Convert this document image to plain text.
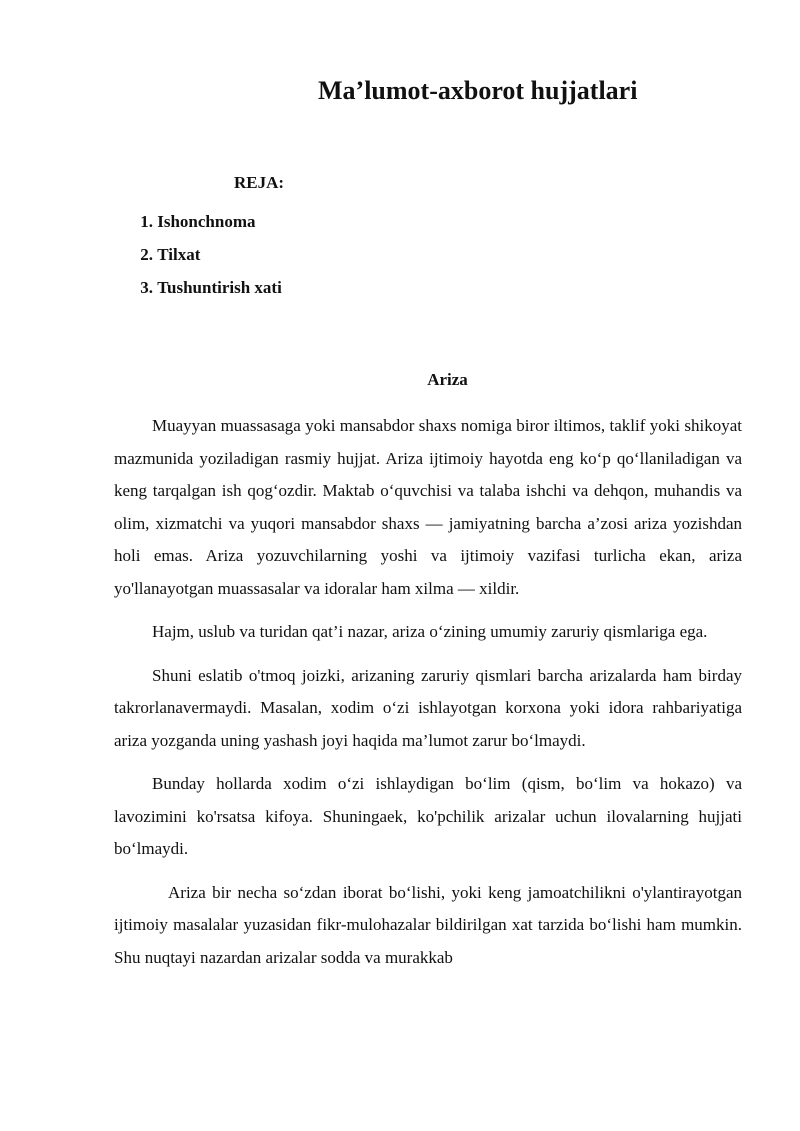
Ma’lumot-axborot hujjatlari
REJA:
1. Ishonchnoma
2. Tilxat
3. Tushuntirish xati
Ariza

Muayyan muassasaga yoki mansabdor shaxs nomiga biror iltimos, taklif yoki shikoyat mazmunida yoziladigan rasmiy hujjat. Ariza ijtimoiy hayotda eng ko‘p qo‘llaniladigan va keng tarqalgan ish qog‘ozdir. Maktab o‘quvchisi va talaba ishchi va dehqon, muhandis va olim, xizmatchi va yuqori mansabdor shaxs — jamiyatning barcha a’zosi ariza yozishdan holi emas. Ariza yozuvchilarning yoshi va ijtimoiy vazifasi turlicha ekan, ariza yo'llanayotgan muassasalar va idoralar ham xilma — xildir.

Hajm, uslub va turidan qat’i nazar, ariza o‘zining umumiy zaruriy qismlariga ega.

Shuni eslatib o'tmoq joizki, arizaning zaruriy qismlari barcha arizalarda ham birday takrorlanavermaydi. Masalan, xodim o‘zi ishlayotgan korxona yoki idora rahbariyatiga ariza yozganda uning yashash joyi haqida ma’lumot zarur bo‘lmaydi.

Bunday hollarda xodim o‘zi ishlaydigan bo‘lim (qism, bo‘lim va hokazo) va lavozimini ko'rsatsa kifoya. Shuningaek, ko'pchilik arizalar uchun ilovalarning hujjati bo‘lmaydi.

Ariza bir necha so‘zdan iborat bo‘lishi, yoki keng jamoatchilikni o'ylantirayotgan ijtimoiy masalalar yuzasidan fikr-mulohazalar bildirilgan xat tarzida bo‘lishi ham mumkin. Shu nuqtayi nazardan arizalar sodda va murakkab
